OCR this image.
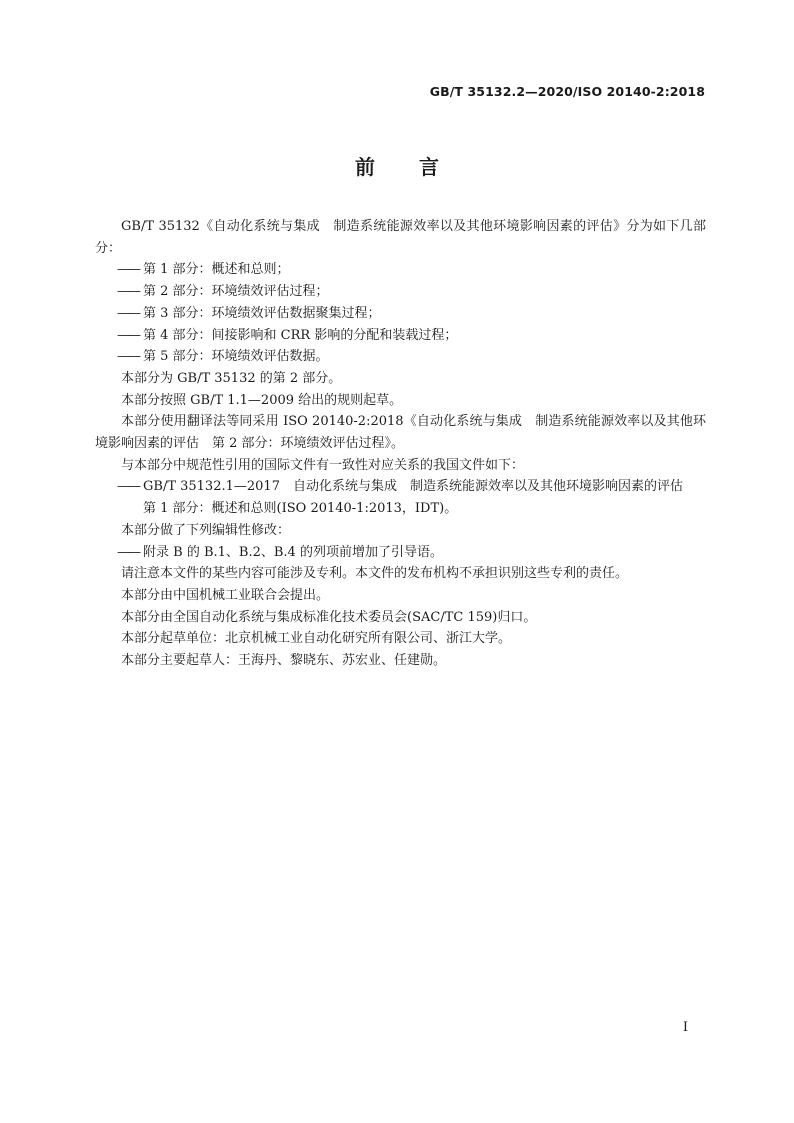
GB/T 35132.2—2020/ISO 20140-2:2018
前言

GB/T 35132《自动化系统与集成　制造系统能源效率以及其他环境影响因素的评估》分为如下几部分：

—— 第 1 部分：概述和总则；

—— 第 2 部分：环境绩效评估过程；

—— 第 3 部分：环境绩效评估数据聚集过程；

—— 第 4 部分：间接影响和 CRR 影响的分配和装载过程；

—— 第 5 部分：环境绩效评估数据。

本部分为 GB/T 35132 的第 2 部分。

本部分按照 GB/T 1.1—2009 给出的规则起草。

本部分使用翻译法等同采用 ISO 20140-2:2018《自动化系统与集成　制造系统能源效率以及其他环境影响因素的评估　第 2 部分：环境绩效评估过程》。

与本部分中规范性引用的国际文件有一致性对应关系的我国文件如下：

—— GB/T 35132.1—2017　自动化系统与集成　制造系统能源效率以及其他环境影响因素的评估　第 1 部分：概述和总则(ISO 20140-1:2013，IDT)。

本部分做了下列编辑性修改：

—— 附录 B 的 B.1、B.2、B.4 的列项前增加了引导语。

请注意本文件的某些内容可能涉及专利。本文件的发布机构不承担识别这些专利的责任。

本部分由中国机械工业联合会提出。

本部分由全国自动化系统与集成标准化技术委员会(SAC/TC 159)归口。

本部分起草单位：北京机械工业自动化研究所有限公司、浙江大学。

本部分主要起草人：王海丹、黎晓东、苏宏业、任建勋。

I
